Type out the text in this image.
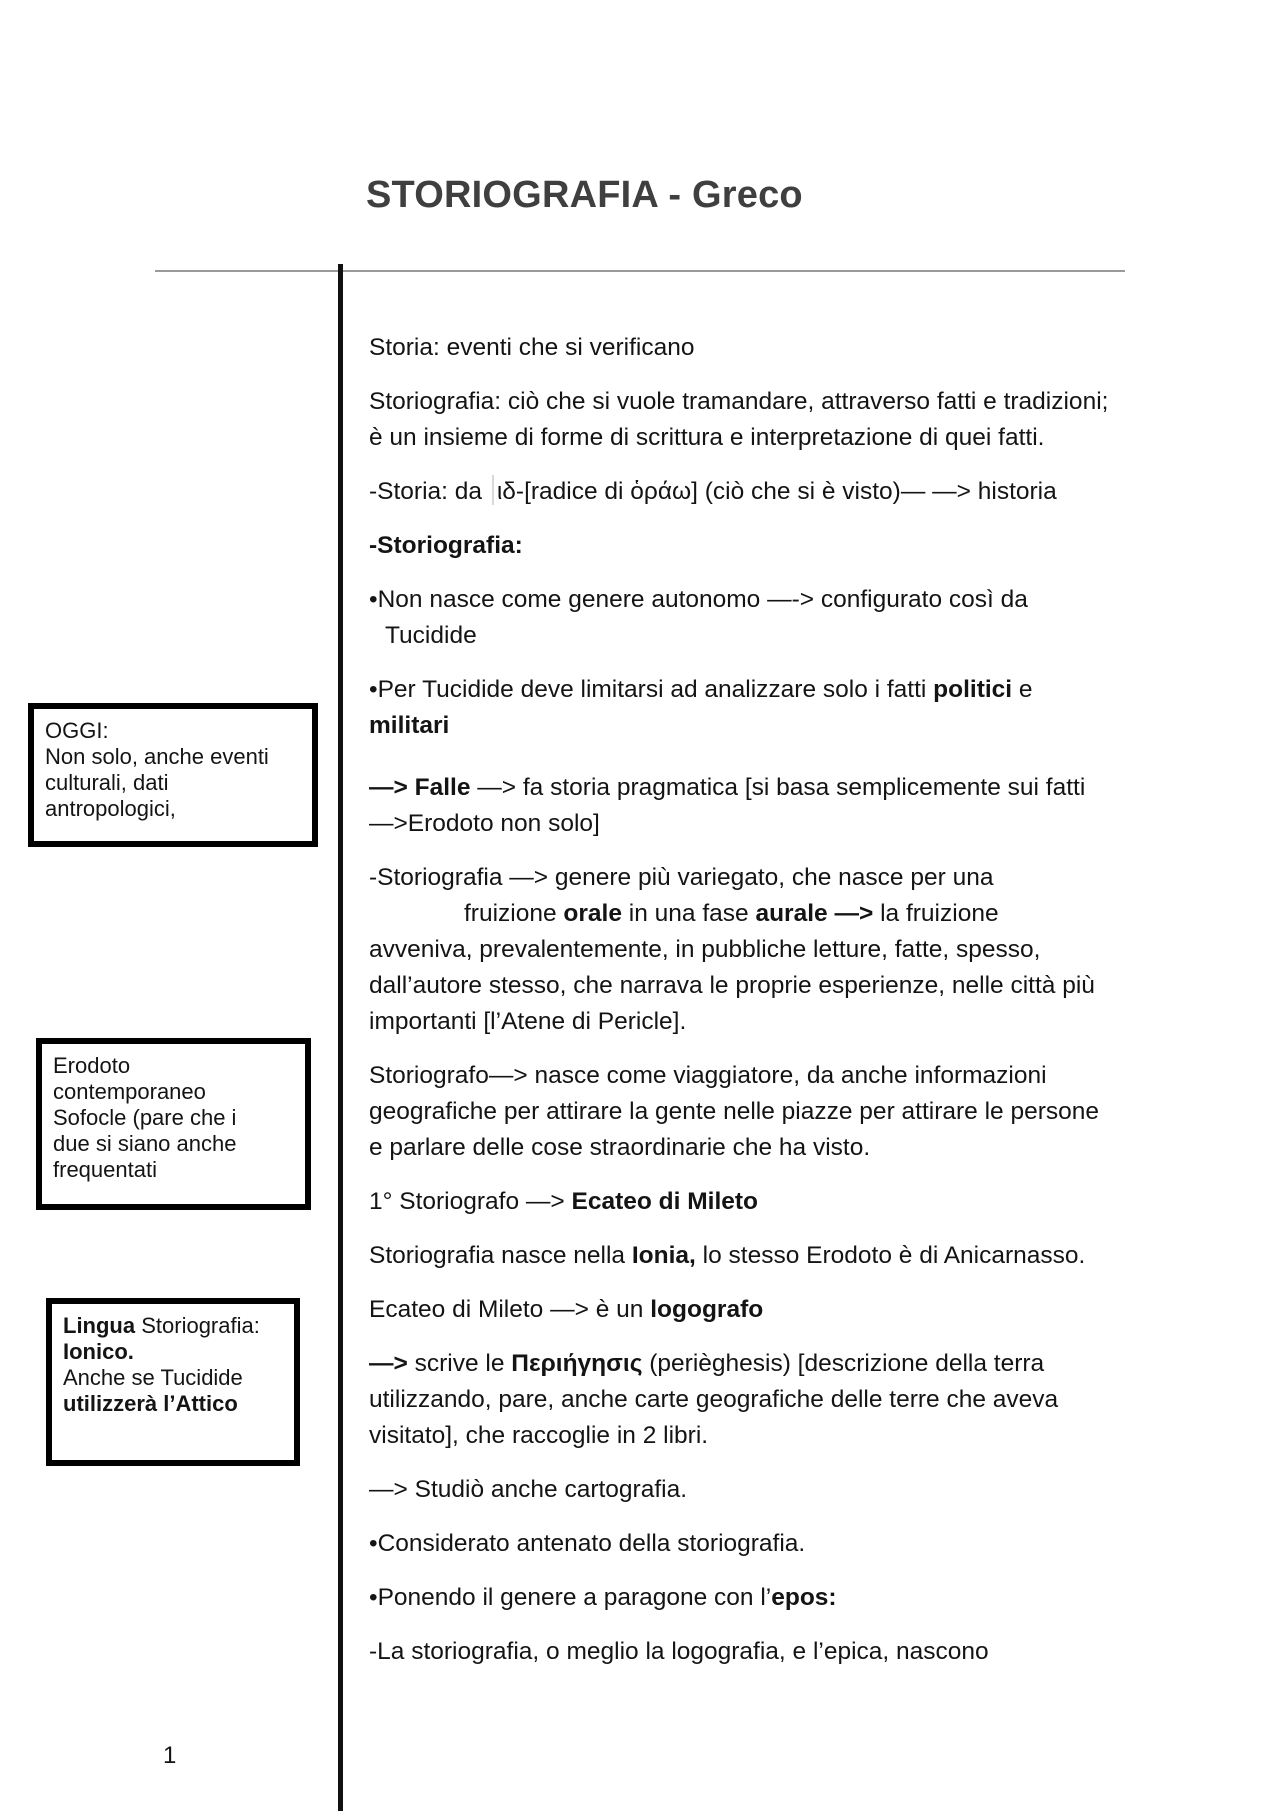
STORIOGRAFIA - Greco
OGGI:
Non solo, anche eventi
culturali, dati
antropologici,
Erodoto
contemporaneo
Sofocle (pare che i
due si siano anche
frequentati
Lingua Storiografia:
Ionico.
Anche se Tucidide
utilizzerà l’Attico

Storia: eventi che si verificano

Storiografia: ciò che si vuole tramandare, attraverso fatti e tradizioni; è un insieme di forme di scrittura e interpretazione di quei fatti.

-Storia: da ιδ-[radice di ὁράω] (ciò che si è visto)— —> historia

-Storiografia:

•Non nasce come genere autonomo —-> configurato così da
Tucidide

•Per Tucidide deve limitarsi ad analizzare solo i fatti politici e militari

—> Falle —> fa storia pragmatica [si basa semplicemente sui fatti —>Erodoto non solo]

-Storiografia —> genere più variegato, che nasce per una
fruizione orale in una fase aurale —> la fruizione
avveniva, prevalentemente, in pubbliche letture, fatte, spesso, dall’autore stesso, che narrava le proprie esperienze, nelle città più importanti [l’Atene di Pericle].

Storiografo—> nasce come viaggiatore, da anche informazioni geografiche per attirare la gente nelle piazze per attirare le persone e parlare delle cose straordinarie che ha visto.

1° Storiografo —> Ecateo di Mileto

Storiografia nasce nella Ionia, lo stesso Erodoto è di Anicarnasso.

Ecateo di Mileto —> è un logografo

—> scrive le Περιήγησις (perièghesis) [descrizione della terra utilizzando, pare, anche carte geografiche delle terre che aveva visitato], che raccoglie in 2 libri.

—> Studiò anche cartografia.

•Considerato antenato della storiografia.

•Ponendo il genere a paragone con l’epos:

-La storiografia, o meglio la logografia, e l’epica, nascono

1
